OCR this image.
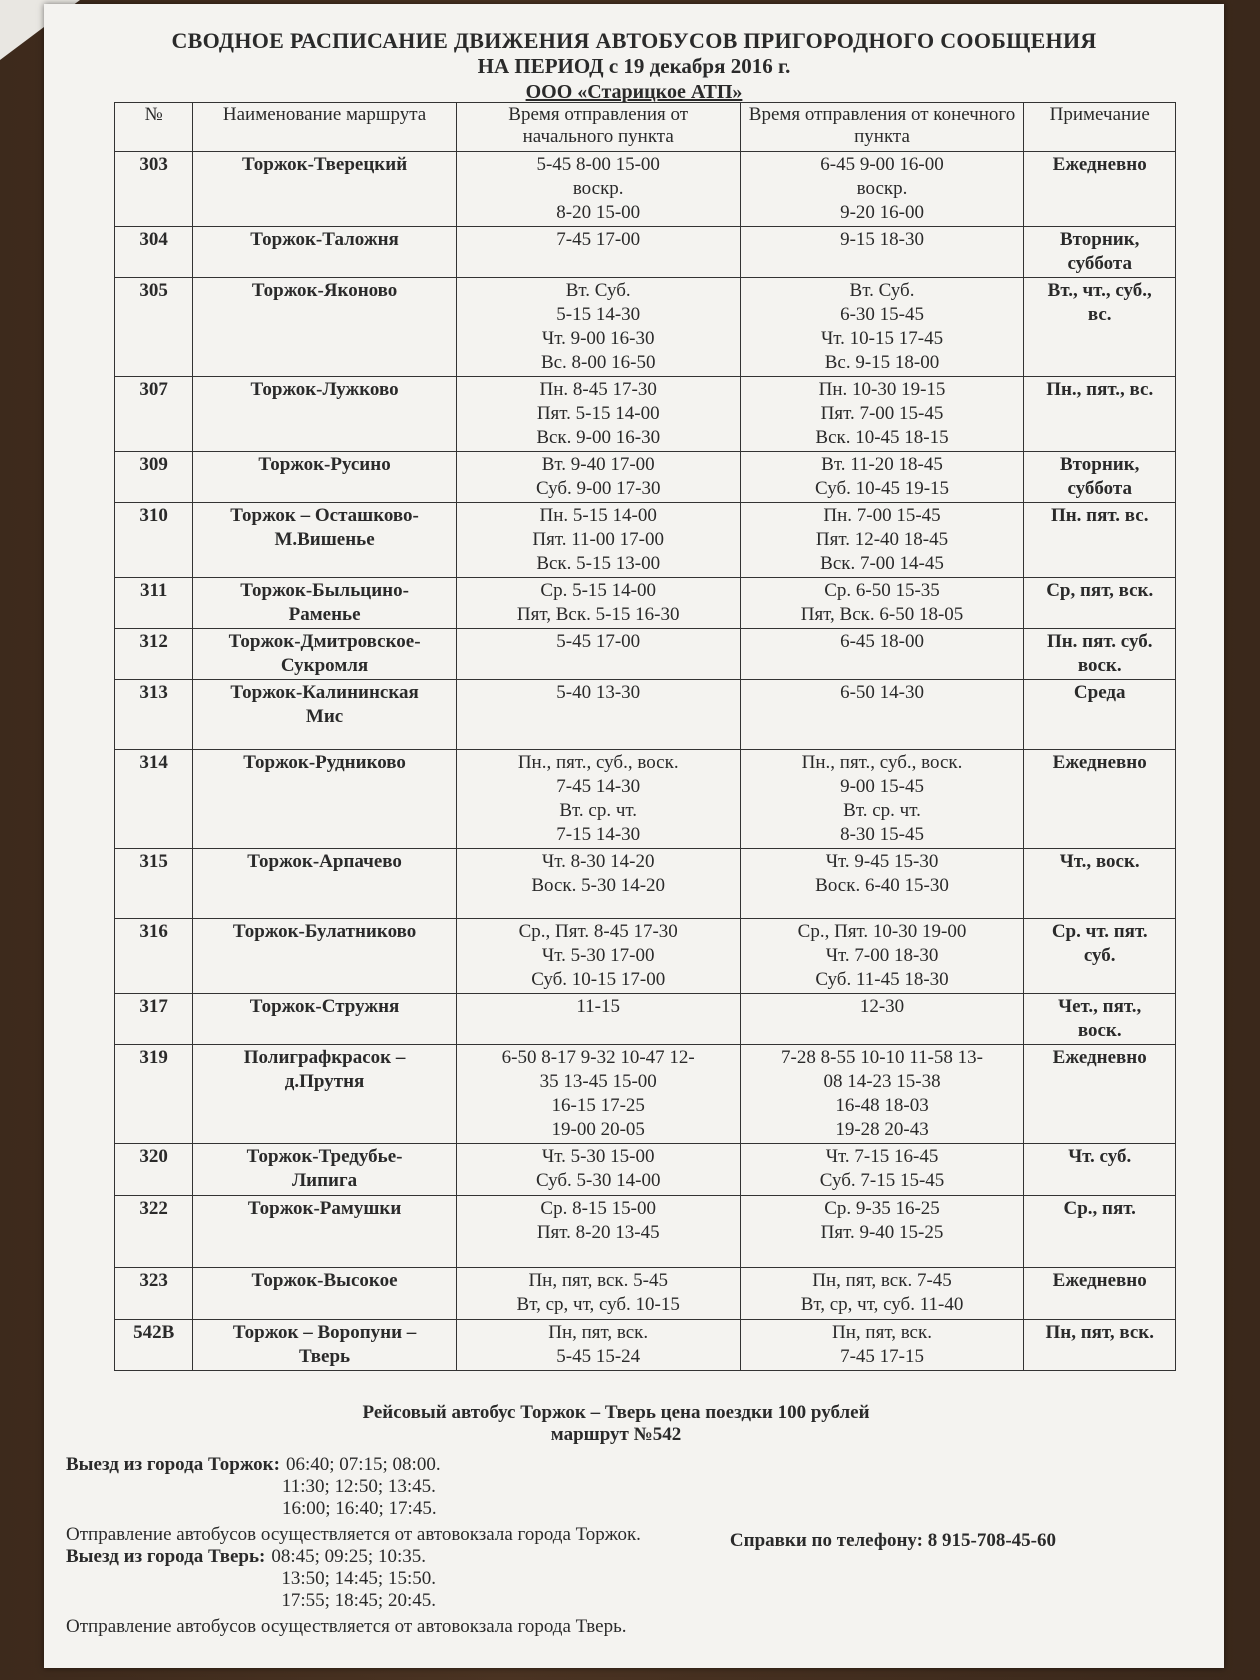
СВОДНОЕ РАСПИСАНИЕ ДВИЖЕНИЯ АВТОБУСОВ ПРИГОРОДНОГО СООБЩЕНИЯ
НА ПЕРИОД с 19 декабря 2016 г.
ООО «Старицкое АТП»
№	Наименование маршрута	Время отправления от начального пункта	Время отправления от конечного пункта	Примечание
303	Торжок-Тверецкий	5-45 8-00 15-00
воскр.
8-20 15-00	6-45 9-00 16-00
воскр.
9-20 16-00	Ежедневно

304	Торжок-Таложня	7-45 17-00	9-15 18-30	Вторник,
суббота

305	Торжок-Яконово	Вт. Суб.
5-15 14-30
Чт. 9-00 16-30
Вс. 8-00 16-50	Вт. Суб.
6-30 15-45
Чт. 10-15 17-45
Вс. 9-15 18-00	Вт., чт., суб.,
вс.

307	Торжок-Лужково	Пн. 8-45 17-30
Пят. 5-15 14-00
Вск. 9-00 16-30	Пн. 10-30 19-15
Пят. 7-00 15-45
Вск. 10-45 18-15	Пн., пят., вс.

309	Торжок-Русино	Вт. 9-40 17-00
Суб. 9-00 17-30	Вт. 11-20 18-45
Суб. 10-45 19-15	Вторник,
суббота

310	Торжок – Осташково-
М.Вишенье	Пн. 5-15 14-00
Пят. 11-00 17-00
Вск. 5-15 13-00	Пн. 7-00 15-45
Пят. 12-40 18-45
Вск. 7-00 14-45	Пн. пят. вс.

311	Торжок-Быльцино-
Раменье	Ср. 5-15 14-00
Пят, Вск. 5-15 16-30	Ср. 6-50 15-35
Пят, Вск. 6-50 18-05	Ср, пят, вск.

312	Торжок-Дмитровское-
Сукромля	5-45 17-00	6-45 18-00	Пн. пят. суб.
воск.

313	Торжок-Калининская
Мис	5-40 13-30	6-50 14-30	Среда

314	Торжок-Рудниково	Пн., пят., суб., воск.
7-45 14-30
Вт. ср. чт.
7-15 14-30	Пн., пят., суб., воск.
9-00 15-45
Вт. ср. чт.
8-30 15-45	Ежедневно

315	Торжок-Арпачево	Чт. 8-30 14-20
Воск. 5-30 14-20	Чт. 9-45 15-30
Воск. 6-40 15-30	Чт., воск.

316	Торжок-Булатниково	Ср., Пят. 8-45 17-30
Чт. 5-30 17-00
Суб. 10-15 17-00	Ср., Пят. 10-30 19-00
Чт. 7-00 18-30
Суб. 11-45 18-30	Ср. чт. пят.
суб.

317	Торжок-Стружня	11-15	12-30	Чет., пят.,
воск.

319	Полиграфкрасок –
д.Прутня	6-50 8-17 9-32 10-47 12-
35 13-45 15-00
16-15 17-25
19-00 20-05	7-28 8-55 10-10 11-58 13-
08 14-23 15-38
16-48 18-03
19-28 20-43	Ежедневно

320	Торжок-Тредубье-
Липига	Чт. 5-30 15-00
Суб. 5-30 14-00	Чт. 7-15 16-45
Суб. 7-15 15-45	Чт. суб.

322	Торжок-Рамушки	Ср. 8-15 15-00
Пят. 8-20 13-45	Ср. 9-35 16-25
Пят. 9-40 15-25	Ср., пят.

323	Торжок-Высокое	Пн, пят, вск. 5-45
Вт, ср, чт, суб. 10-15	Пн, пят, вск. 7-45
Вт, ср, чт, суб. 11-40	Ежедневно

542В	Торжок – Воропуни –
Тверь	Пн, пят, вск.
5-45 15-24	Пн, пят, вск.
7-45 17-15	Пн, пят, вск.
Рейсовый автобус Торжок – Тверь цена поездки 100 рублей
маршрут №542
Выезд из города Торжок: 06:40; 07:15; 08:00.
11:30; 12:50; 13:45.
16:00; 16:40; 17:45.
Отправление автобусов осуществляется от автовокзала города Торжок.
Выезд из города Тверь: 08:45; 09:25; 10:35.
13:50; 14:45; 15:50.
17:55; 18:45; 20:45.
Отправление автобусов осуществляется от автовокзала города Тверь.
Справки по телефону: 8 915-708-45-60
